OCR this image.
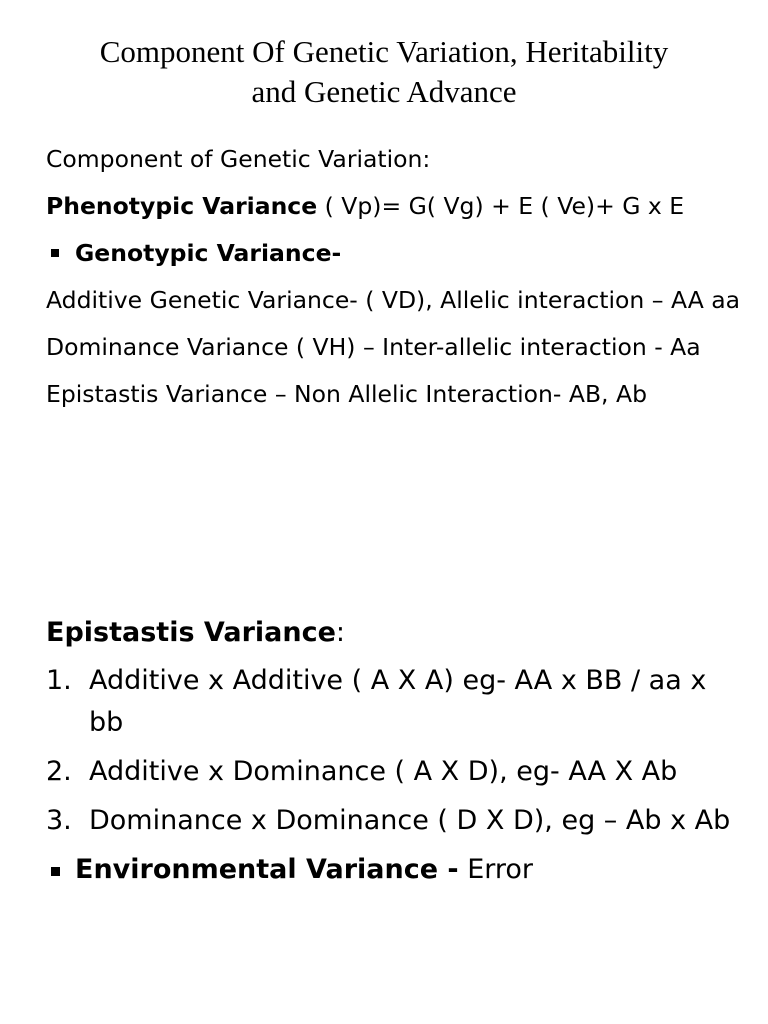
Component Of Genetic Variation, Heritability
and Genetic Advance
Component of Genetic Variation:
Phenotypic Variance ( Vp)= G( Vg) + E ( Ve)+ G x E
Genotypic Variance-
Additive Genetic Variance- ( VD), Allelic interaction – AA aa
Dominance Variance ( VH) – Inter-allelic interaction - Aa
Epistastis Variance – Non Allelic Interaction- AB, Ab
Epistastis Variance:
1. Additive x Additive ( A X A) eg- AA x BB / aa x bb
2. Additive x Dominance ( A X D), eg- AA X Ab
3. Dominance x Dominance ( D X D), eg – Ab x Ab
Environmental Variance - Error
